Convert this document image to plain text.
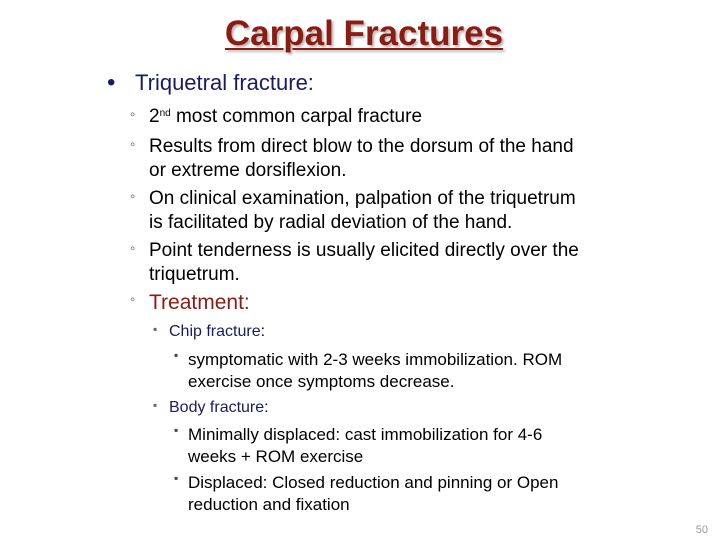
Carpal Fractures
• Triquetral fracture:
◦ 2nd most common carpal fracture
◦ Results from direct blow to the dorsum of the hand
or extreme dorsiflexion.
◦ On clinical examination, palpation of the triquetrum
is facilitated by radial deviation of the hand.
◦ Point tenderness is usually elicited directly over the
triquetrum.
◦ Treatment:
▪ Chip fracture:
▪ symptomatic with 2-3 weeks immobilization. ROM
exercise once symptoms decrease.
▪ Body fracture:
▪ Minimally displaced: cast immobilization for 4-6
weeks + ROM exercise
▪ Displaced: Closed reduction and pinning or Open
reduction and fixation
50
